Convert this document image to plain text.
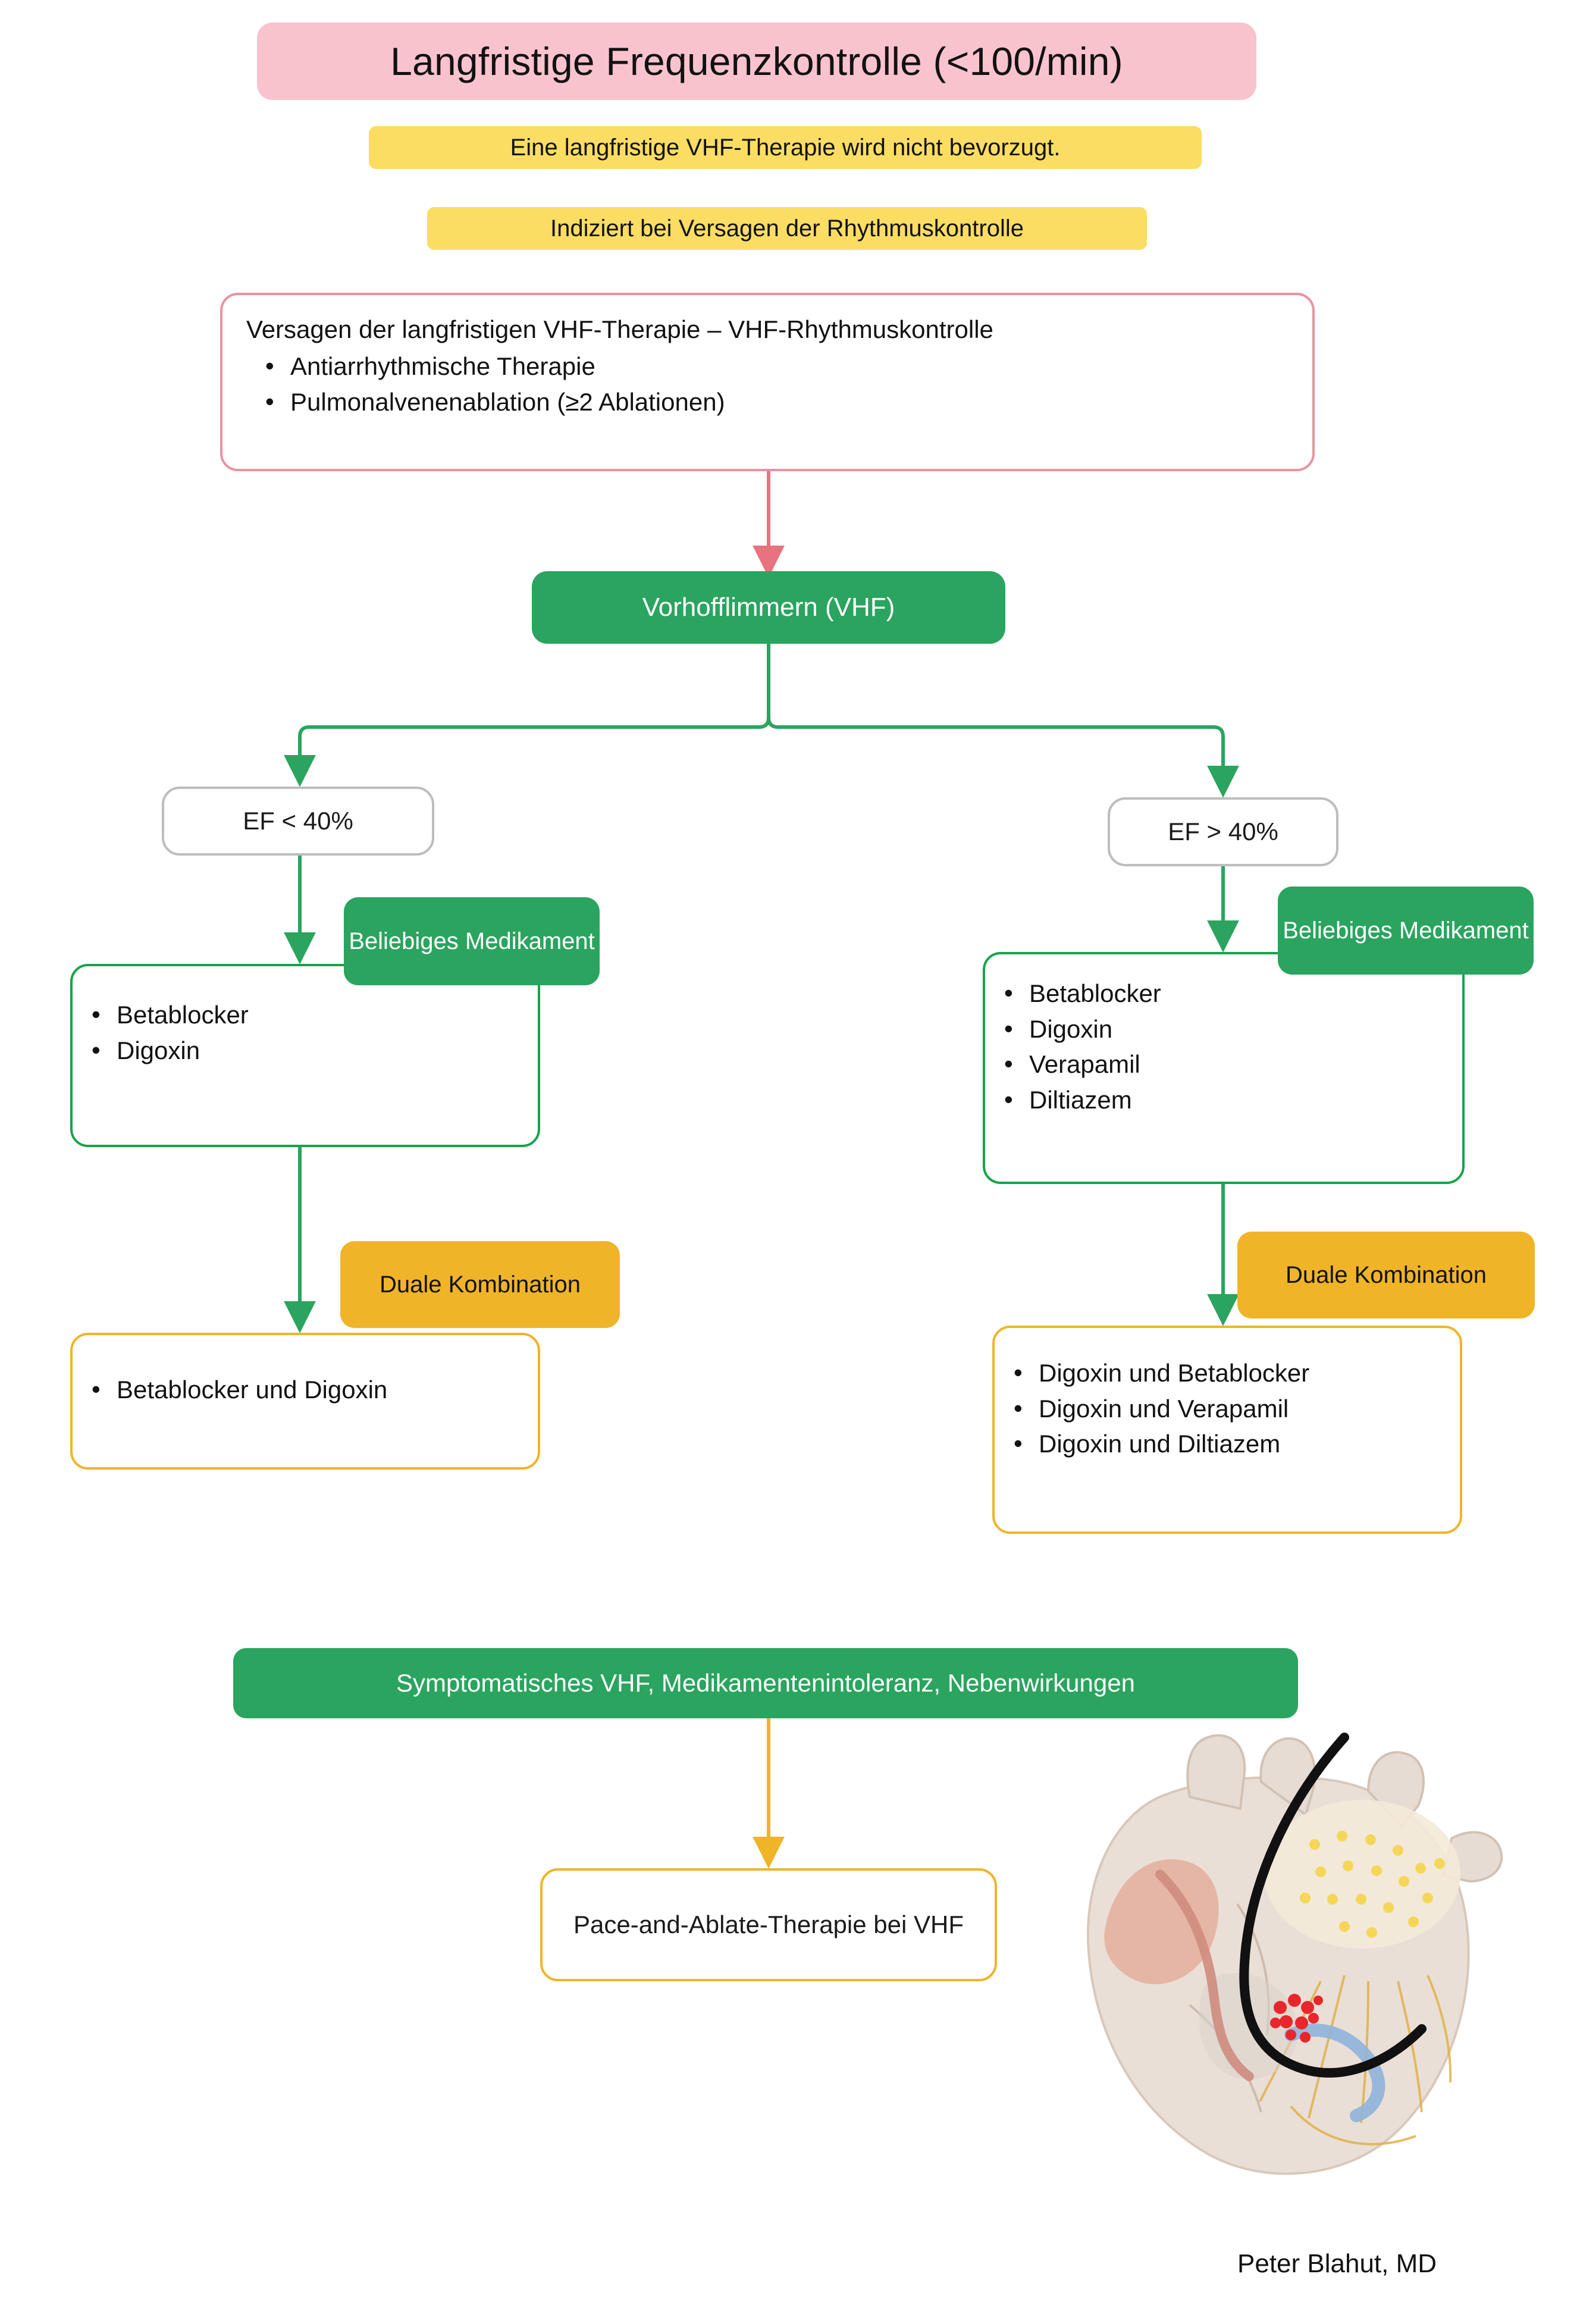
Langfristige Frequenzkontrolle (<100/min)
Eine langfristige VHF-Therapie wird nicht bevorzugt.
Indiziert bei Versagen der Rhythmuskontrolle
Versagen der langfristigen VHF-Therapie – VHF-Rhythmuskontrolle
• Antiarrhythmische Therapie
• Pulmonalvenenablation (≥2 Ablationen)
Vorhofflimmern (VHF)
EF < 40%	EF > 40%
• Betablocker
• Digoxin
Beliebiges Medikament
• Betablocker
• Digoxin
• Verapamil
• Diltiazem
Beliebiges Medikament
• Betablocker und Digoxin
Duale Kombination
• Digoxin und Betablocker
• Digoxin und Verapamil
• Digoxin und Diltiazem
Duale Kombination
Symptomatisches VHF, Medikamentenintoleranz, Nebenwirkungen
Pace-and-Ablate-Therapie bei VHF
Peter Blahut, MD
